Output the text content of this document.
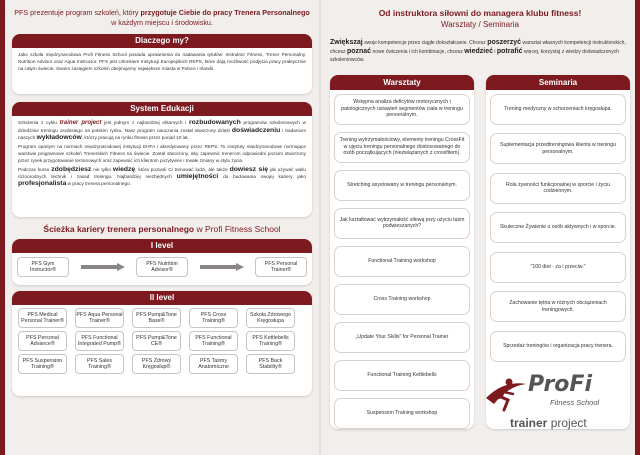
PFS prezentuje program szkoleń, który przygotuje Ciebie do pracy Trenera Personalnego
w każdym miejscu i środowisku.
Dlaczego my?
Jako szkoła międzynarodowa Profi Fitness School posiada uprawnienia do nadawania tytułów: Instruktor Fitness, Trener Personalny, Nutrition Advisor oraz Aqua Instructor. PFS jest członkiem Instytucji Europejskich REPS, które dają możliwość podjęcia pracy praktycznie na całym świecie. Swoim zasięgiem szkoleń obejmujemy największe miasta w Polsce i Irlandii.
System Edukacji

Szkolenia z cyklu trainer project jest jednym z najbardziej elitarnych i rozbudowanych programów szkoleniowych w dziedzinie treningu osobistego na polskim rynku. Nasz program nauczania został stworzony dzięki doświadczeniu i badaniom naszych wykładowców, którzy pracują na rynku fitness przez ponad 10 lat.

Program opartym na normach międzynarodowej instytucji EHFA i akredytowany przez REPS. To instytuty międzynarodowe normujące warstwie programowe szkoleń Trenerskich Fitness na świecie. Został stworzony, aby zapewnić trenerom odpowiedni poziom stworzony przez rynek przygotowanie terminowych oraz zapewnić ich klientom pozytywne i trwałe zmiany w stylu życia.

Podczas kursu zdobędziesz nie tylko wiedzę, która pozwoli Ci trenować ludzi, ale także dowiesz się jak używać wielu różnorodnych technik i zasad treningu. Najbardziej niezbędnych umiejętności do budowania swojej kariery jako profesjonalista w pracy trenera personalnego.

Ścieżka kariery trenera personalnego w Profi Fitness School
I level
PFS Gym Instructor®
PFS Nutrition Advisor®
PFS Personal Trainer®
II level
PFS Medical Personal Trainer®
PFS Aqua Personal Trainer®
PFS Pump&Tone Base®
PFS Cross Training®
Szkoła Zdrowego Kręgosłupa
PFS Personal Advance®
PFS Functional Integrated Pump®
PFS Pump&Tone CE®
PFS Functional Training®
PFS Kettlebells Training®
PFS Suspension Training®
PFS Sales Training®
PFS Zdrowy Kręgosłup®
PFS Taśmy Anatomiczne
PFS Back Stability®
Od instruktora siłowni do managera klubu fitness!
Warsztaty / Seminaria
Zwiększaj swoje kompetencje przez ciągłe dokształcanie. Chcesz poszerzyć warsztat własnych kompetencji instruktorskich, chcesz poznać nowe ćwiczenia i ich kombinacje, chcesz wiedzieć i potrafić więcej, korzystaj z wiedzy doświadczonych szkoleniowców.
Warsztaty
Wstępna analiza deficytów motorycznych i patologicznych ustawień segmentów ciała w treningu personalnym.
Trening wytrzymałościowy, elementy treningu CrossFit w ujęciu treningu personalnego dostosowanego do osób początkujących (niezwiązanych z crossfitem).
Stretching asystowany w treningu personalnym.
Jak kształtować wytrzymałość siłową przy użyciu taśm podwieszanych?
Functional Training workshop
Cross Training workshop
„Update Your Skills" for Personal Trainer
Functional Training Kettlebells
Suspension Training workshop
Seminaria
Trening medyczny w schorzeniach kręgosłupa.
Suplementacja przedtreningowa klienta w treningu personalnym.
Rola żywności funkcjonalnej w sporcie i życiu codziennym.
Skuteczne Żywienie u osób aktywnych i w sporcie.
"100 diet - za i przeciw."
Zachowanie tętna w różnych obciążeniach treningowych.
Sprzedaż treningów i organizacja pracy trenera.
ProFi
Fitness School
trainer project
